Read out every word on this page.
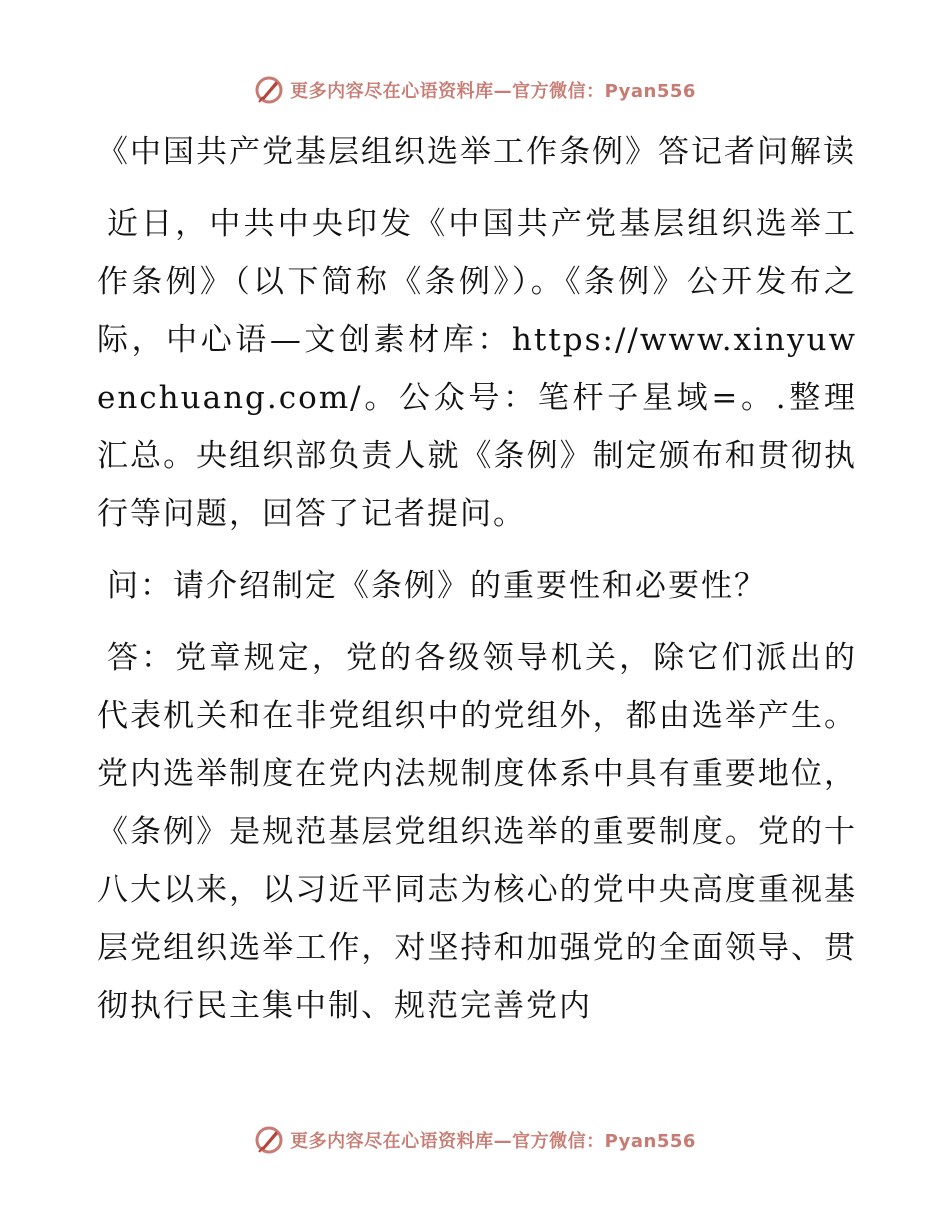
更多内容尽在心语资料库—官方微信：Pyan556

《中国共产党基层组织选举工作条例》答记者问解读

近日，中共中央印发《中国共产党基层组织选举工作条例》（以下简称《条例》）。《条例》公开发布之际，中心语—文创素材库：https://www.xinyuwenchuang.com/。公众号：笔杆子星域=。.整理汇总。央组织部负责人就《条例》制定颁布和贯彻执行等问题，回答了记者提问。

问：请介绍制定《条例》的重要性和必要性？

答：党章规定，党的各级领导机关，除它们派出的代表机关和在非党组织中的党组外，都由选举产生。党内选举制度在党内法规制度体系中具有重要地位，《条例》是规范基层党组织选举的重要制度。党的十八大以来，以习近平同志为核心的党中央高度重视基层党组织选举工作，对坚持和加强党的全面领导、贯彻执行民主集中制、规范完善党内

更多内容尽在心语资料库—官方微信：Pyan556
